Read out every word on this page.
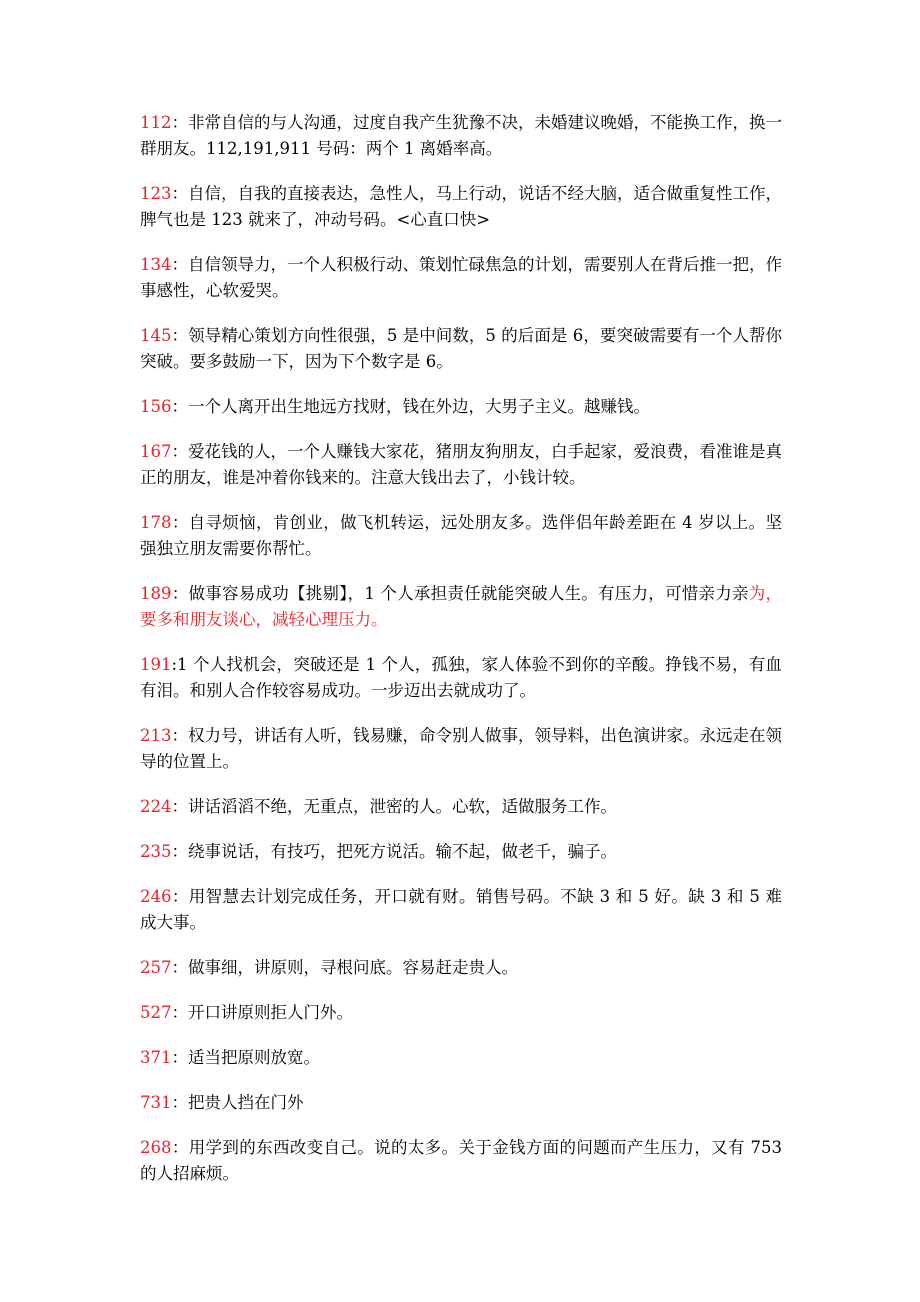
112：非常自信的与人沟通，过度自我产生犹豫不决，未婚建议晚婚，不能换工作，换一群朋友。112,191,911 号码：两个 1 离婚率高。

123：自信，自我的直接表达，急性人，马上行动，说话不经大脑，适合做重复性工作，脾气也是 123 就来了，冲动号码。<心直口快>

134：自信领导力，一个人积极行动、策划忙碌焦急的计划，需要别人在背后推一把，作事感性，心软爱哭。

145：领导精心策划方向性很强，5 是中间数，5 的后面是 6，要突破需要有一个人帮你突破。要多鼓励一下，因为下个数字是 6。

156：一个人离开出生地远方找财，钱在外边，大男子主义。越赚钱。

167：爱花钱的人，一个人赚钱大家花，猪朋友狗朋友，白手起家，爱浪费，看准谁是真正的朋友，谁是冲着你钱来的。注意大钱出去了，小钱计较。

178：自寻烦恼，肯创业，做飞机转运，远处朋友多。选伴侣年龄差距在 4 岁以上。坚强独立朋友需要你帮忙。

189：做事容易成功【挑剔】，1 个人承担责任就能突破人生。有压力，可惜亲力亲为，要多和朋友谈心，减轻心理压力。

191:1 个人找机会，突破还是 1 个人，孤独，家人体验不到你的辛酸。挣钱不易，有血有泪。和别人合作较容易成功。一步迈出去就成功了。

213：权力号，讲话有人听，钱易赚，命令别人做事，领导料，出色演讲家。永远走在领导的位置上。

224：讲话滔滔不绝，无重点，泄密的人。心软，适做服务工作。

235：绕事说话，有技巧，把死方说活。输不起，做老千，骗子。

246：用智慧去计划完成任务，开口就有财。销售号码。不缺 3 和 5 好。缺 3 和 5 难成大事。

257：做事细，讲原则，寻根问底。容易赶走贵人。

527：开口讲原则拒人门外。

371：适当把原则放宽。

731：把贵人挡在门外

268：用学到的东西改变自己。说的太多。关于金钱方面的问题而产生压力，又有 753 的人招麻烦。
